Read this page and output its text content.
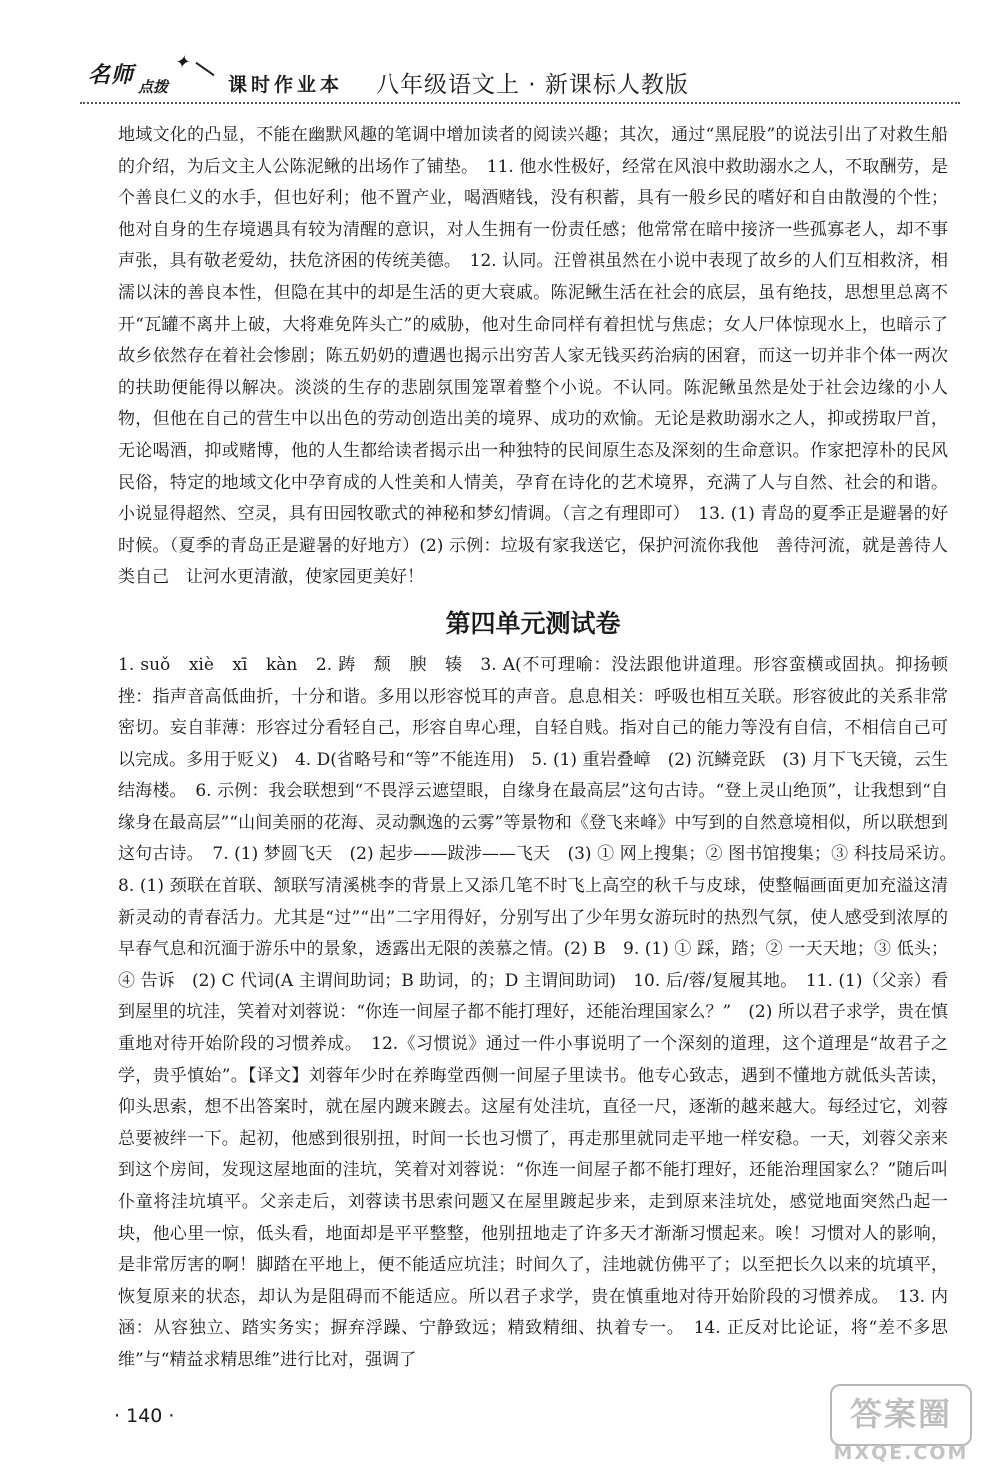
名师 点拨
✦
课时作业本 八年级语文上 · 新课标人教版

地域文化的凸显，不能在幽默风趣的笔调中增加读者的阅读兴趣；其次，通过“黑屁股”的说法引出了对救生船的介绍，为后文主人公陈泥鳅的出场作了铺垫。　11. 他水性极好，经常在风浪中救助溺水之人，不取酬劳，是个善良仁义的水手，但也好利；他不置产业，喝酒赌钱，没有积蓄，具有一般乡民的嗜好和自由散漫的个性；他对自身的生存境遇具有较为清醒的意识，对人生拥有一份责任感；他常常在暗中接济一些孤寡老人，却不事声张，具有敬老爱幼，扶危济困的传统美德。　12. 认同。汪曾祺虽然在小说中表现了故乡的人们互相救济，相濡以沫的善良本性，但隐在其中的却是生活的更大衰戚。陈泥鳅生活在社会的底层，虽有绝技，思想里总离不开“瓦罐不离井上破，大将难免阵头亡”的威胁，他对生命同样有着担忧与焦虑；女人尸体惊现水上，也暗示了故乡依然存在着社会惨剧；陈五奶奶的遭遇也揭示出穷苦人家无钱买药治病的困窘，而这一切并非个体一两次的扶助便能得以解决。淡淡的生存的悲剧氛围笼罩着整个小说。不认同。陈泥鳅虽然是处于社会边缘的小人物，但他在自己的营生中以出色的劳动创造出美的境界、成功的欢愉。无论是救助溺水之人，抑或捞取尸首，无论喝酒，抑或赌博，他的人生都给读者揭示出一种独特的民间原生态及深刻的生命意识。作家把淳朴的民风民俗，特定的地域文化中孕育成的人性美和人情美，孕育在诗化的艺术境界，充满了人与自然、社会的和谐。小说显得超然、空灵，具有田园牧歌式的神秘和梦幻情调。（言之有理即可）　13. (1) 青岛的夏季正是避暑的好时候。（夏季的青岛正是避暑的好地方）(2) 示例：垃圾有家我送它，保护河流你我他　善待河流，就是善待人类自己　让河水更清澈，使家园更美好！

第四单元测试卷

1. suǒ　xiè　xī　kàn　2. 踌　颓　腴　辏　3. A(不可理喻：没法跟他讲道理。形容蛮横或固执。抑扬顿挫：指声音高低曲折，十分和谐。多用以形容悦耳的声音。息息相关：呼吸也相互关联。形容彼此的关系非常密切。妄自菲薄：形容过分看轻自己，形容自卑心理，自轻自贱。指对自己的能力等没有自信，不相信自己可以完成。多用于贬义)　4. D(省略号和“等”不能连用)　5. (1) 重岩叠嶂　(2) 沉鳞竞跃　(3) 月下飞天镜，云生结海楼。　6. 示例：我会联想到“不畏浮云遮望眼，自缘身在最高层”这句古诗。“登上灵山绝顶”，让我想到“自缘身在最高层”“山间美丽的花海、灵动飘逸的云雾”等景物和《登飞来峰》中写到的自然意境相似，所以联想到这句古诗。　7. (1) 梦圆飞天　(2) 起步——跋涉——飞天　(3) ① 网上搜集；② 图书馆搜集；③ 科技局采访。　8. (1) 颈联在首联、颔联写清溪桃李的背景上又添几笔不时飞上高空的秋千与皮球，使整幅画面更加充溢这清新灵动的青春活力。尤其是“过”“出”二字用得好，分别写出了少年男女游玩时的热烈气氛，使人感受到浓厚的早春气息和沉湎于游乐中的景象，透露出无限的羡慕之情。(2) B　9. (1) ① 踩，踏；② 一天天地；③ 低头；④ 告诉　(2) C 代词(A 主谓间助词；B 助词，的；D 主谓间助词)　10. 后/蓉/复履其地。　11. (1)（父亲）看到屋里的坑洼，笑着对刘蓉说：“你连一间屋子都不能打理好，还能治理国家么？”　(2) 所以君子求学，贵在慎重地对待开始阶段的习惯养成。　12.《习惯说》通过一件小事说明了一个深刻的道理，这个道理是“故君子之学，贵乎慎始”。【译文】刘蓉年少时在养晦堂西侧一间屋子里读书。他专心致志，遇到不懂地方就低头苦读，仰头思索，想不出答案时，就在屋内踱来踱去。这屋有处洼坑，直径一尺，逐渐的越来越大。每经过它，刘蓉总要被绊一下。起初，他感到很别扭，时间一长也习惯了，再走那里就同走平地一样安稳。一天，刘蓉父亲来到这个房间，发现这屋地面的洼坑，笑着对刘蓉说：“你连一间屋子都不能打理好，还能治理国家么？”随后叫仆童将洼坑填平。父亲走后，刘蓉读书思索问题又在屋里踱起步来，走到原来洼坑处，感觉地面突然凸起一块，他心里一惊，低头看，地面却是平平整整，他别扭地走了许多天才渐渐习惯起来。唉！习惯对人的影响，是非常厉害的啊！脚踏在平地上，便不能适应坑洼；时间久了，洼地就仿佛平了；以至把长久以来的坑填平，恢复原来的状态，却认为是阻碍而不能适应。所以君子求学，贵在慎重地对待开始阶段的习惯养成。　13. 内涵：从容独立、踏实务实；摒弃浮躁、宁静致远；精致精细、执着专一。　14. 正反对比论证，将“差不多思维”与“精益求精思维”进行比对，强调了

· 140 ·	答案圈
MXQE.COM
